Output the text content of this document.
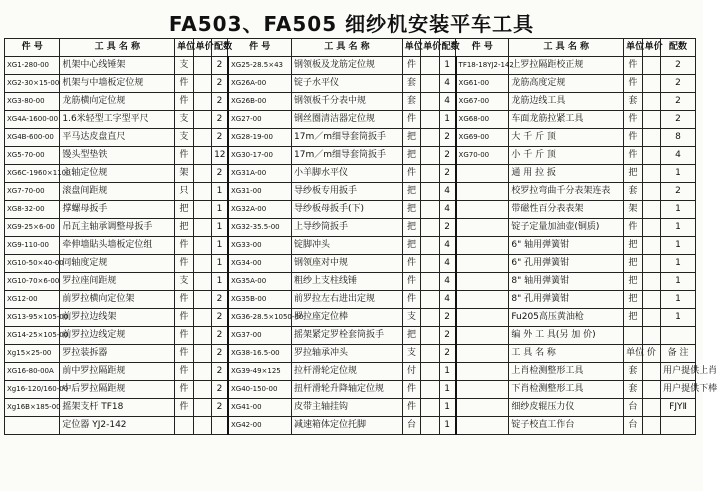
FA503、FA505 细纱机安装平车工具
件 号	工 具 名 称	单位	单价	配数	件 号	工 具 名 称	单位	单价	配数	件 号	工 具 名 称	单位	单价	配数
XG1-280-00	机架中心线锤架	支		2	XG25-28.5×43	钢领板及龙筋定位规	件		1	TF18-18YJ2-142	上罗拉隔距校正规	件		2
XG2-30×15-00	机架与中墙板定位规	件		2	XG26A-00	锭子水平仪	套		4	XG61-00	龙筋高度定规	件		2
XG3-80-00	龙筋横向定位规	件		2	XG26B-00	钢领板千分表中规	套		4	XG67-00	龙筋边线工具	套		2
XG4A-1600-00	1.6米轻型工字型平尺	支		2	XG27-00	钢丝圈清洁器定位规	件		1	XG68-00	车面龙筋拉紧工具	件		2
XG4B-600-00	平马达皮盘直尺	支		2	XG28-19-00	17m／m细导套筒扳手	把		2	XG69-00	大 千 斤 顶	件		8
XG5-70-00	馒头型垫铁	件		12	XG30-17-00	17m／m细导套筒扳手	把		2	XG70-00	小 千 斤 顶	件		4
XG6C-1960×1100	主轴定位规	架		2	XG31A-00	小羊脚水平仪	件		2		通 用 拉 扳	把		1
XG7-70-00	滚盘间距规	只		1	XG31-00	导纱板专用扳手	把		4		校罗拉弯曲千分表架连表	套		2
XG8-32-00	撑螺母扳手	把		1	XG32A-00	导纱板母扳手(下)	把		4		带磁性百分表表架	架		1
XG9-25×6-00	吊瓦主轴承调整母扳手	把		1	XG32-35.5-00	上导纱筒扳手	把		2		锭子定量加油壶(铜质)	件		1
XG9-110-00	牵伸墙貼头墙板定位组	件		1	XG33-00	锭脚冲头	把		4		6" 轴用弹簧钳	把		1
XG10-50×40-00	同轴度定规	件		1	XG34-00	钢领座对中规	件		4		6" 孔用弹簧钳	把		1
XG10-70×6-00	罗拉座间距规	支		1	XG35A-00	粗纱上支柱线锤	件		4		8" 轴用弹簧钳	把		1
XG12-00	前罗拉横向定位架	件		2	XG35B-00	前罗拉左右进出定规	件		4		8" 孔用弹簧钳	把		1
XG13-95×105-00	前罗拉边线架	件		2	XG36-28.5×1050-00	罗拉座定位棒	支		2		Fu205高压黄油枪	把		1
XG14-25×105-00	前罗拉边线定规	件		2	XG37-00	摇架紧定罗栓套筒扳手	把		2		编 外 工 具(另 加 价)			
Xg15×25-00	罗拉装拆器	件		2	XG38-16.5-00	罗拉轴承冲头	支		2		工 具 名 称	单位	价	备 注
XG16-80-00A	前中罗拉隔距规	件		2	XG39-49×125	拉杆滑轮定位规	付		1		上肖检测整形工具	套		用户提供上肖
Xg16-120/160-00	中后罗拉隔距规	件		2	XG40-150-00	扭杆滑轮升降轴定位规	件		1		下肖检测整形工具	套		用户提供下棒
Xg16B×185-00	摇架支杆 TF18	件		2	XG41-00	皮带主轴挂钩	件		1		细纱皮辊压力仪	台		FJYⅡ
	定位器 YJ2-142				XG42-00	减速箱体定位托脚	台		1		锭子校直工作台	台		
